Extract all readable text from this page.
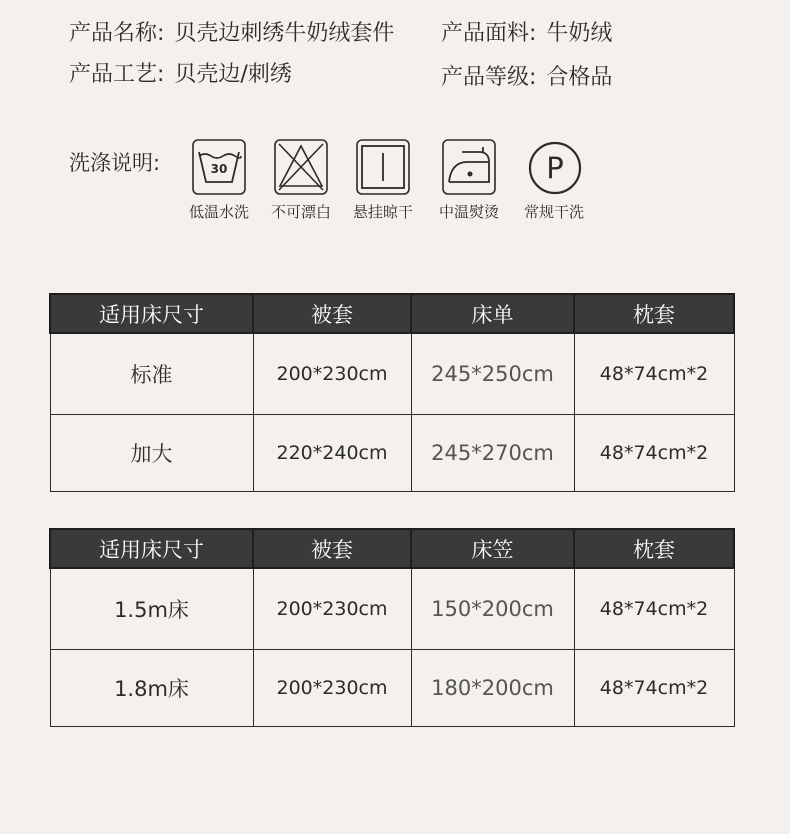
产品名称: 贝壳边刺绣牛奶绒套件 产品面料: 牛奶绒
产品工艺: 贝壳边/刺绣	产品等级: 合格品
洗涤说明:	30
低温水洗	不可漂白	悬挂晾干	中温熨烫
P
常规干洗
适用床尺寸	被套	床单	枕套
标准	200*230cm	245*250cm	48*74cm*2
加大	220*240cm	245*270cm	48*74cm*2
适用床尺寸	被套	床笠	枕套
1.5m床	200*230cm	150*200cm	48*74cm*2
1.8m床	200*230cm	180*200cm	48*74cm*2
